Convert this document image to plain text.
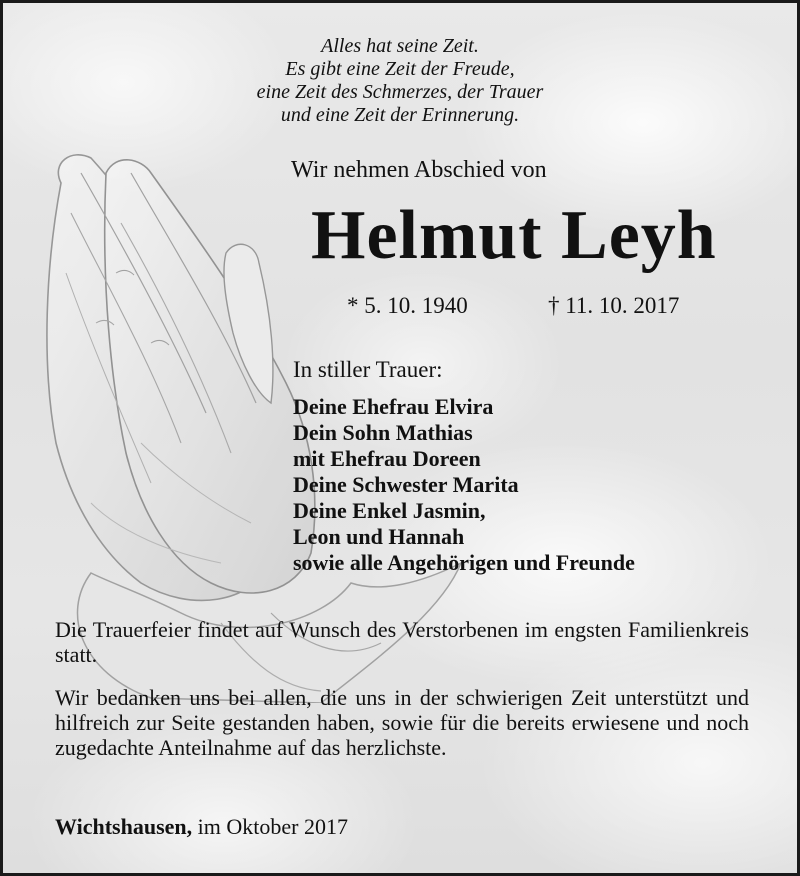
Alles hat seine Zeit.
Es gibt eine Zeit der Freude,
eine Zeit des Schmerzes, der Trauer
und eine Zeit der Erinnerung.
Wir nehmen Abschied von
Helmut Leyh
* 5. 10. 1940	† 11. 10. 2017
In stiller Trauer:
Deine Ehefrau Elvira
Dein Sohn Mathias
mit Ehefrau Doreen
Deine Schwester Marita
Deine Enkel Jasmin,
Leon und Hannah
sowie alle Angehörigen und Freunde
Die Trauerfeier findet auf Wunsch des Verstorbenen im engsten Familienkreis statt.
Wir bedanken uns bei allen, die uns in der schwierigen Zeit unterstützt und hilfreich zur Seite gestanden haben, sowie für die bereits erwiesene und noch zugedachte Anteilnahme auf das herzlichste.
Wichtshausen, im Oktober 2017
